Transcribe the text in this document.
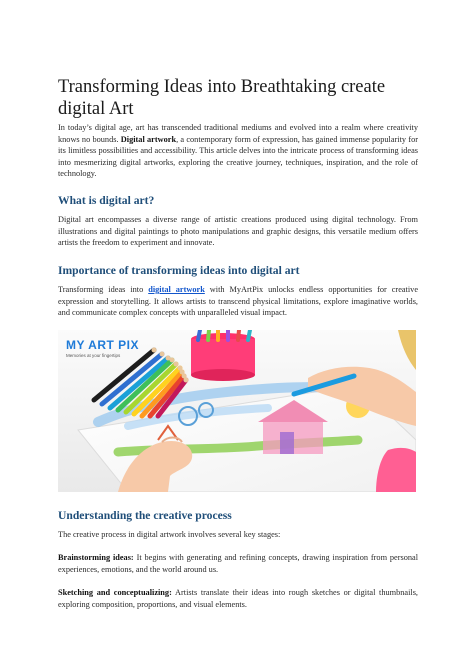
Transforming Ideas into Breathtaking create digital Art

In today’s digital age, art has transcended traditional mediums and evolved into a realm where creativity knows no bounds. Digital artwork, a contemporary form of expression, has gained immense popularity for its limitless possibilities and accessibility. This article delves into the intricate process of transforming ideas into mesmerizing digital artworks, exploring the creative journey, techniques, inspiration, and the role of technology.

What is digital art?

Digital art encompasses a diverse range of artistic creations produced using digital technology. From illustrations and digital paintings to photo manipulations and graphic designs, this versatile medium offers artists the freedom to experiment and innovate.

Importance of transforming ideas into digital art

Transforming ideas into digital artwork with MyArtPix unlocks endless opportunities for creative expression and storytelling. It allows artists to transcend physical limitations, explore imaginative worlds, and communicate complex concepts with unparalleled visual impact.

MY ART PIX
Memories at your fingertips
Understanding the creative process

The creative process in digital artwork involves several key stages:

Brainstorming ideas: It begins with generating and refining concepts, drawing inspiration from personal experiences, emotions, and the world around us.

Sketching and conceptualizing: Artists translate their ideas into rough sketches or digital thumbnails, exploring composition, proportions, and visual elements.
